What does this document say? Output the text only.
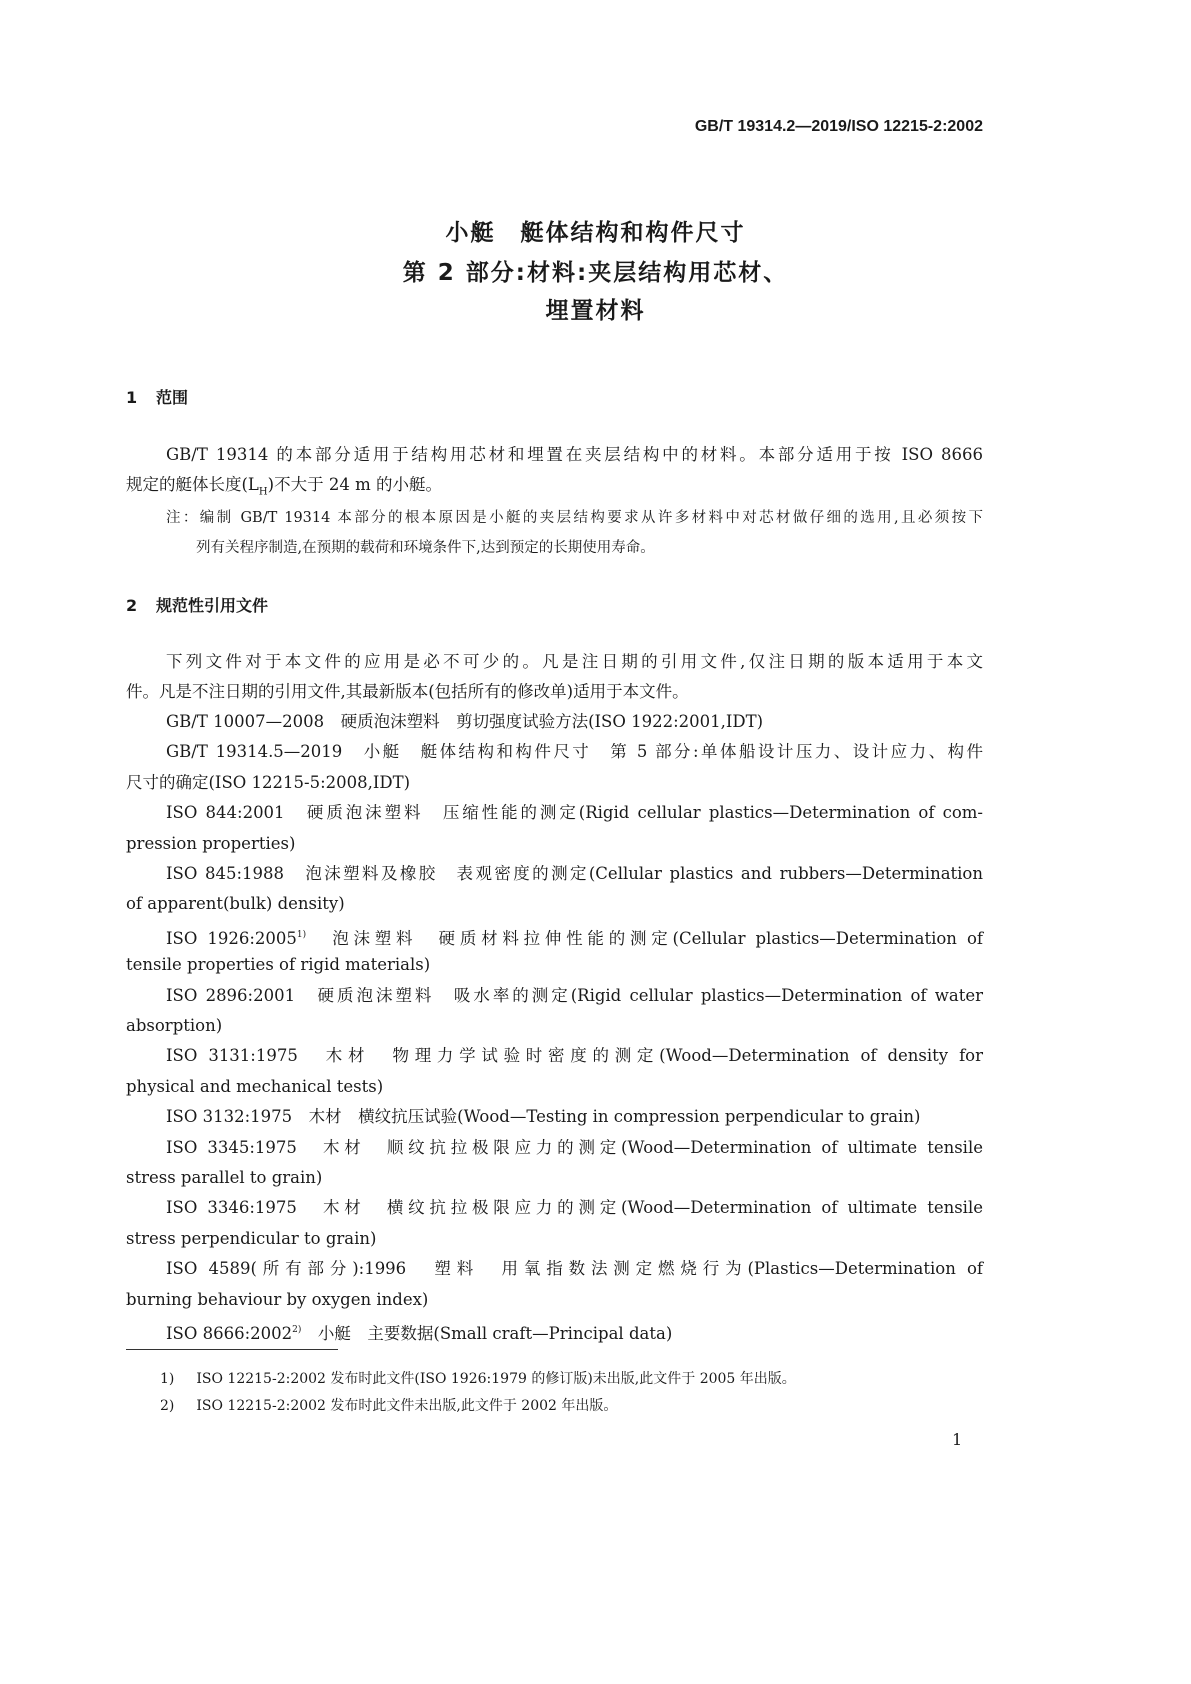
GB/T 19314.2—2019/ISO 12215-2:2002
小艇　艇体结构和构件尺寸
第 2 部分:材料:夹层结构用芯材、
埋置材料
1 范围
GB/T 19314 的本部分适用于结构用芯材和埋置在夹层结构中的材料。本部分适用于按 ISO 8666
规定的艇体长度$(L_H)$不大于 24 m 的小艇。
注：编制 GB/T 19314 本部分的根本原因是小艇的夹层结构要求从许多材料中对芯材做仔细的选用,且必须按下
列有关程序制造,在预期的载荷和环境条件下,达到预定的长期使用寿命。
2 规范性引用文件
下列文件对于本文件的应用是必不可少的。凡是注日期的引用文件,仅注日期的版本适用于本文
件。凡是不注日期的引用文件,其最新版本(包括所有的修改单)适用于本文件。
GB/T 10007—2008　硬质泡沫塑料　剪切强度试验方法(ISO 1922:2001,IDT)
GB/T 19314.5—2019　小艇　艇体结构和构件尺寸　第 5 部分:单体船设计压力、设计应力、构件
尺寸的确定(ISO 12215-5:2008,IDT)
ISO 844:2001　硬质泡沫塑料　压缩性能的测定(Rigid cellular plastics—Determination of com-
pression properties)
ISO 845:1988　泡沫塑料及橡胶　表观密度的测定(Cellular plastics and rubbers—Determination
of apparent(bulk) density)
ISO 1926:2005$^{1)}$　泡沫塑料　硬质材料拉伸性能的测定(Cellular plastics—Determination of
tensile properties of rigid materials)
ISO 2896:2001　硬质泡沫塑料　吸水率的测定(Rigid cellular plastics—Determination of water
absorption)
ISO 3131:1975　木材　物理力学试验时密度的测定(Wood—Determination of density for
physical and mechanical tests)
ISO 3132:1975　木材　横纹抗压试验(Wood—Testing in compression perpendicular to grain)
ISO 3345:1975　木材　顺纹抗拉极限应力的测定(Wood—Determination of ultimate tensile
stress parallel to grain)
ISO 3346:1975　木材　横纹抗拉极限应力的测定(Wood—Determination of ultimate tensile
stress perpendicular to grain)
ISO 4589(所有部分):1996　塑料　用氧指数法测定燃烧行为(Plastics—Determination of
burning behaviour by oxygen index)
ISO 8666:2002$^{2)}$　小艇　主要数据(Small craft—Principal data)
1) ISO 12215-2:2002 发布时此文件(ISO 1926:1979 的修订版)未出版,此文件于 2005 年出版。
2) ISO 12215-2:2002 发布时此文件未出版,此文件于 2002 年出版。
1
